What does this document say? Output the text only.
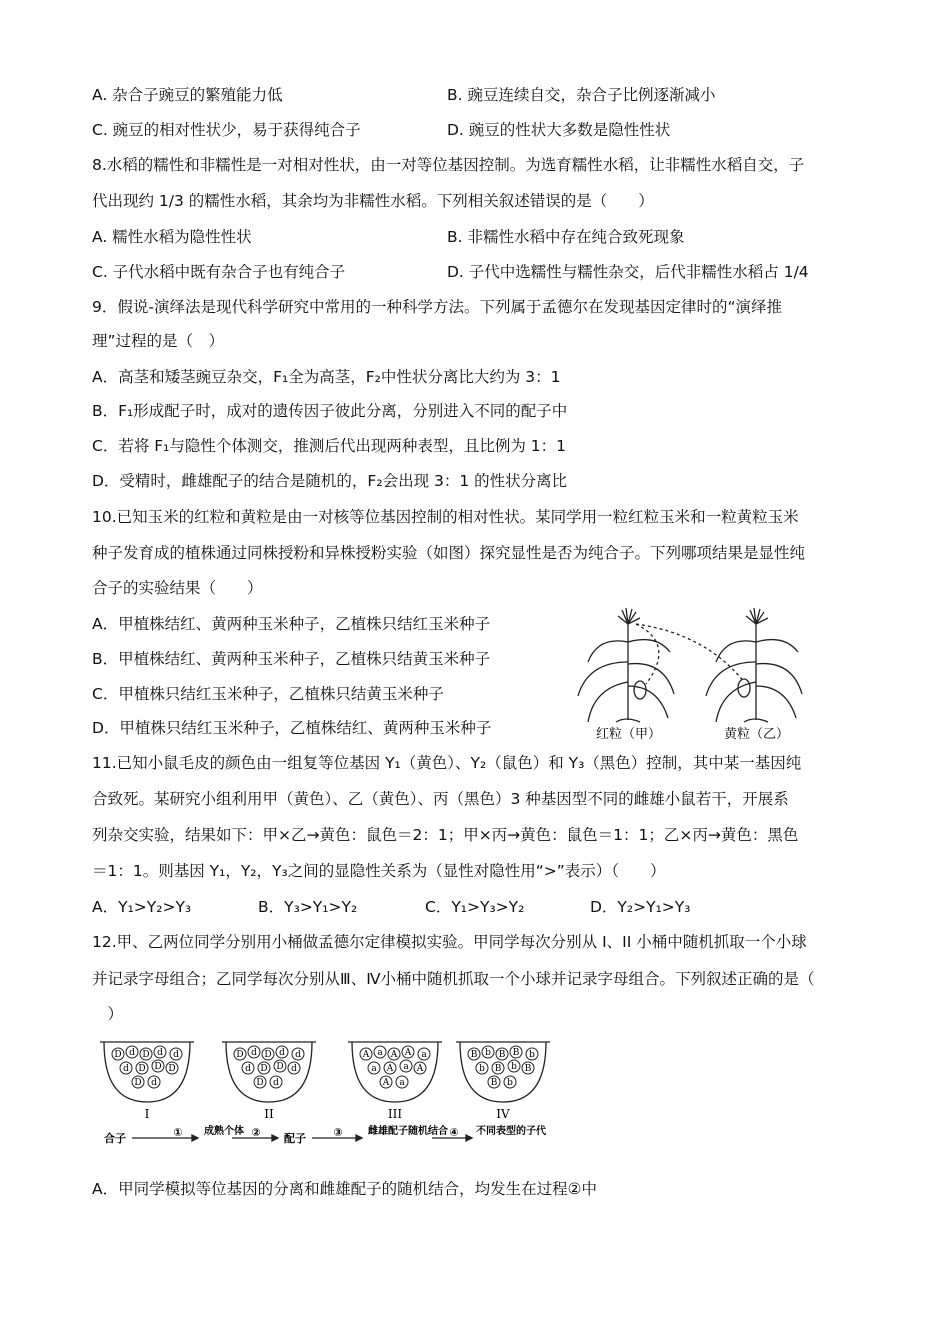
A. 杂合子豌豆的繁殖能力低	B. 豌豆连续自交，杂合子比例逐渐减小
C. 豌豆的相对性状少，易于获得纯合子	D. 豌豆的性状大多数是隐性性状
8.水稻的糯性和非糯性是一对相对性状，由一对等位基因控制。为选育糯性水稻，让非糯性水稻自交，子
代出现约 1/3 的糯性水稻，其余均为非糯性水稻。下列相关叙述错误的是（　　）
A. 糯性水稻为隐性性状	B. 非糯性水稻中存在纯合致死现象
C. 子代水稻中既有杂合子也有纯合子	D. 子代中选糯性与糯性杂交，后代非糯性水稻占 1/4
9．假说-演绎法是现代科学研究中常用的一种科学方法。下列属于孟德尔在发现基因定律时的“演绎推
理”过程的是（　）
A．高茎和矮茎豌豆杂交，F₁全为高茎，F₂中性状分离比大约为 3：1
B．F₁形成配子时，成对的遗传因子彼此分离，分别进入不同的配子中
C．若将 F₁与隐性个体测交，推测后代出现两种表型，且比例为 1：1
D．受精时，雌雄配子的结合是随机的，F₂会出现 3：1 的性状分离比
10.已知玉米的红粒和黄粒是由一对核等位基因控制的相对性状。某同学用一粒红粒玉米和一粒黄粒玉米
种子发育成的植株通过同株授粉和异株授粉实验（如图）探究显性是否为纯合子。下列哪项结果是显性纯
合子的实验结果（　　）
A．甲植株结红、黄两种玉米种子，乙植株只结红玉米种子
B．甲植株结红、黄两种玉米种子，乙植株只结黄玉米种子
C．甲植株只结红玉米种子，乙植株只结黄玉米种子
D．甲植株只结红玉米种子，乙植株结红、黄两种玉米种子	红粒（甲）	黄粒（乙）
11.已知小鼠毛皮的颜色由一组复等位基因 Y₁（黄色）、Y₂（鼠色）和 Y₃（黑色）控制，其中某一基因纯
合致死。某研究小组利用甲（黄色）、乙（黄色）、丙（黑色）3 种基因型不同的雌雄小鼠若干，开展系
列杂交实验，结果如下：甲×乙→黄色：鼠色＝2：1；甲×丙→黄色：鼠色＝1：1；乙×丙→黄色：黑色
＝1：1。则基因 Y₁，Y₂，Y₃之间的显隐性关系为（显性对隐性用“>”表示）（　　）
A．Y₁>Y₂>Y₃	B．Y₃>Y₁>Y₂	C．Y₁>Y₃>Y₂	D．Y₂>Y₁>Y₃
12.甲、乙两位同学分别用小桶做孟德尔定律模拟实验。甲同学每次分别从 I、II 小桶中随机抓取一个小球
并记录字母组合；乙同学每次分别从Ⅲ、Ⅳ小桶中随机抓取一个小球并记录字母组合。下列叙述正确的是（
　）
D d D d d
d D D D
D d
D d D d d
d D D d
D d
A a A A a
a A a A
A a
B b B B b
b B b B
B b
I	II	III	IV
合子	① 成熟个体 ② 配子 ③	雌雄配子随机结合 ④ 不同表型的子代
A．甲同学模拟等位基因的分离和雌雄配子的随机结合，均发生在过程②中
